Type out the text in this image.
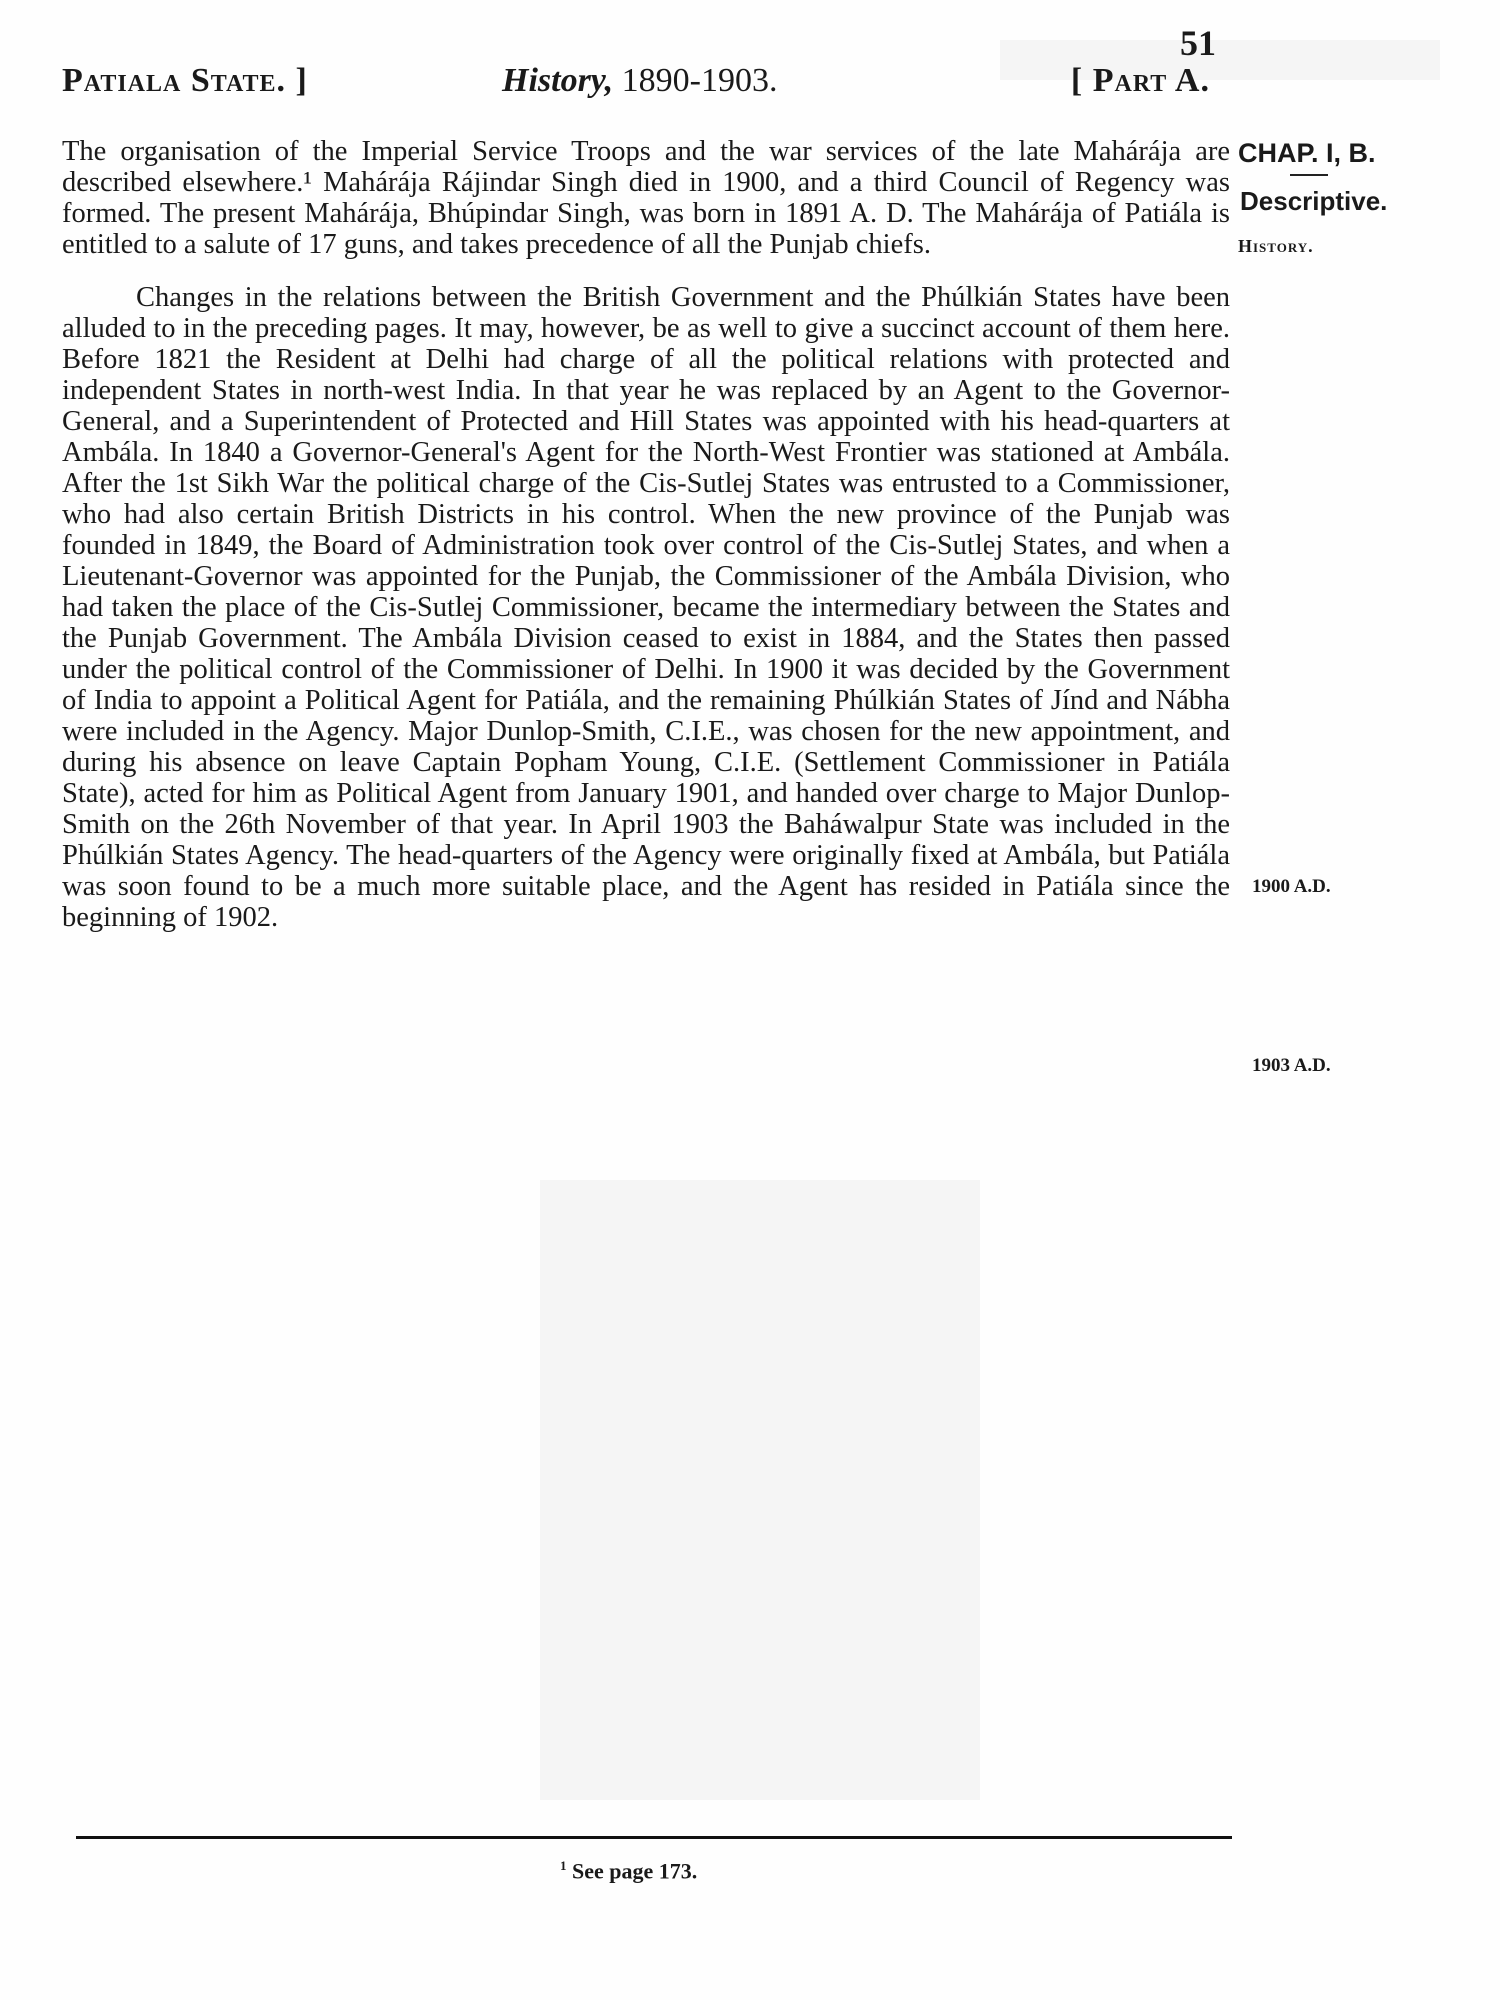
51
Patiala State. ]	History, 1890-1903.	[ Part A.
CHAP. I, B.
Descriptive.
History.
1900 A.D.
1903 A.D.

The organisation of the Imperial Service Troops and the war services of the late Mahárája are described elsewhere.¹ Mahárája Rájindar Singh died in 1900, and a third Council of Regency was formed. The present Mahárája, Bhúpindar Singh, was born in 1891 A. D. The Mahárája of Patiála is entitled to a salute of 17 guns, and takes precedence of all the Punjab chiefs.

Changes in the relations between the British Government and the Phúlkián States have been alluded to in the preceding pages. It may, however, be as well to give a succinct account of them here. Before 1821 the Resident at Delhi had charge of all the political relations with protected and independent States in north-west India. In that year he was replaced by an Agent to the Governor-General, and a Superintendent of Protected and Hill States was appointed with his head-quarters at Ambála. In 1840 a Governor-General's Agent for the North-West Frontier was stationed at Ambála. After the 1st Sikh War the political charge of the Cis-Sutlej States was entrusted to a Commissioner, who had also certain British Districts in his control. When the new province of the Punjab was founded in 1849, the Board of Administration took over control of the Cis-Sutlej States, and when a Lieutenant-Governor was appointed for the Punjab, the Commissioner of the Ambála Division, who had taken the place of the Cis-Sutlej Commissioner, became the intermediary between the States and the Punjab Government. The Ambála Division ceased to exist in 1884, and the States then passed under the political control of the Commissioner of Delhi. In 1900 it was decided by the Government of India to appoint a Political Agent for Patiála, and the remaining Phúlkián States of Jínd and Nábha were included in the Agency. Major Dunlop-Smith, C.I.E., was chosen for the new appointment, and during his absence on leave Captain Popham Young, C.I.E. (Settlement Commissioner in Patiála State), acted for him as Political Agent from January 1901, and handed over charge to Major Dunlop-Smith on the 26th November of that year. In April 1903 the Baháwalpur State was included in the Phúlkián States Agency. The head-quarters of the Agency were originally fixed at Ambála, but Patiála was soon found to be a much more suitable place, and the Agent has resided in Patiála since the beginning of 1902.

$^1$ See page 173.
